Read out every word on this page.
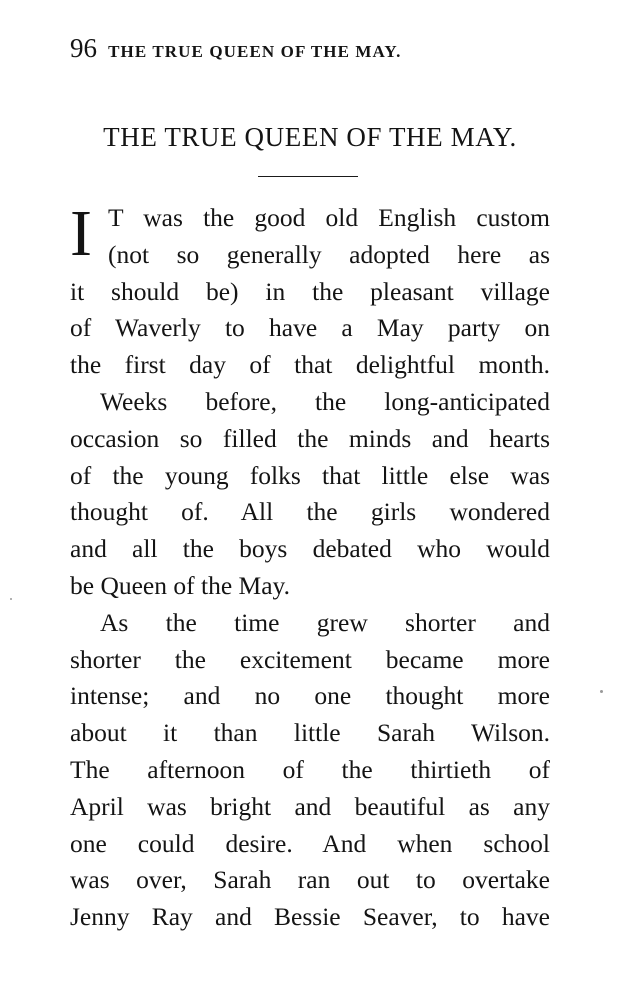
96 THE TRUE QUEEN OF THE MAY.
THE TRUE QUEEN OF THE MAY.
I T was the good old English custom
(not so generally adopted here as
it should be) in the pleasant village
of Waverly to have a May party on
the first day of that delightful month.
Weeks before, the long-anticipated
occasion so filled the minds and hearts
of the young folks that little else was
thought of. All the girls wondered
and all the boys debated who would
be Queen of the May.
As the time grew shorter and
shorter the excitement became more
intense; and no one thought more
about it than little Sarah Wilson.
The afternoon of the thirtieth of
April was bright and beautiful as any
one could desire. And when school
was over, Sarah ran out to overtake
Jenny Ray and Bessie Seaver, to have
